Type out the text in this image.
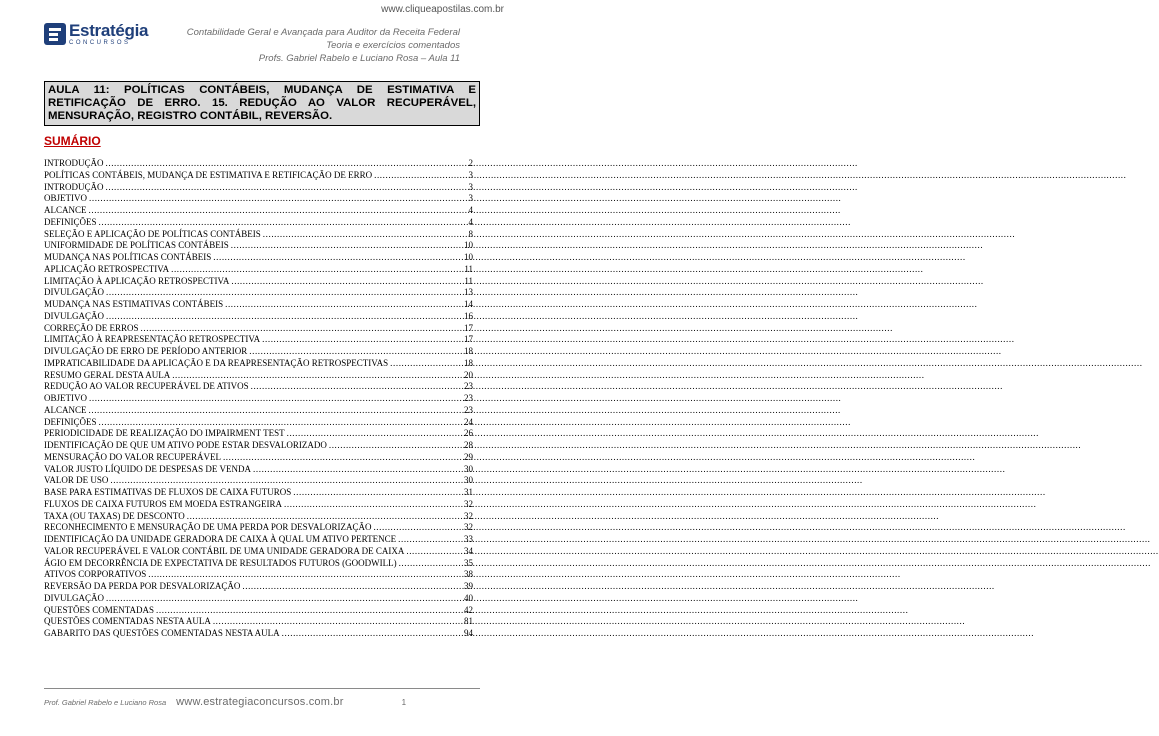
www.cliqueapostilas.com.br
Estratégia
CONCURSOS
Contabilidade Geral e Avançada para Auditor da Receita Federal
Teoria e exercícios comentados
Profs. Gabriel Rabelo e Luciano Rosa – Aula 11
AULA 11: POLÍTICAS CONTÁBEIS, MUDANÇA DE ESTIMATIVA E RETIFICAÇÃO DE ERRO. 15. REDUÇÃO AO VALOR RECUPERÁVEL, MENSURAÇÃO, REGISTRO CONTÁBIL, REVERSÃO.
SUMÁRIO
INTRODUÇÃO .....	2
POLÍTICAS CONTÁBEIS, MUDANÇA DE ESTIMATIVA E RETIFICAÇÃO DE ERRO .....	3
INTRODUÇÃO .....	3
OBJETIVO .....	3
ALCANCE .....	4
DEFINIÇÕES .....	4
SELEÇÃO E APLICAÇÃO DE POLÍTICAS CONTÁBEIS .....	8
UNIFORMIDADE DE POLÍTICAS CONTÁBEIS .....	10
MUDANÇA NAS POLÍTICAS CONTÁBEIS .....	10
APLICAÇÃO RETROSPECTIVA .....	11
LIMITAÇÃO À APLICAÇÃO RETROSPECTIVA .....	11
DIVULGAÇÃO .....	13
MUDANÇA NAS ESTIMATIVAS CONTÁBEIS .....	14
DIVULGAÇÃO .....	16
CORREÇÃO DE ERROS .....	17
LIMITAÇÃO À REAPRESENTAÇÃO RETROSPECTIVA .....	17
DIVULGAÇÃO DE ERRO DE PERÍODO ANTERIOR .....	18
IMPRATICABILIDADE DA APLICAÇÃO E DA REAPRESENTAÇÃO RETROSPECTIVAS .....	18
RESUMO GERAL DESTA AULA .....	20
REDUÇÃO AO VALOR RECUPERÁVEL DE ATIVOS .....	23
OBJETIVO .....	23
ALCANCE .....	23
DEFINIÇÕES .....	24
PERIODICIDADE DE REALIZAÇÃO DO IMPAIRMENT TEST .....	26
IDENTIFICAÇÃO DE QUE UM ATIVO PODE ESTAR DESVALORIZADO .....	28
MENSURAÇÃO DO VALOR RECUPERÁVEL .....	29
VALOR JUSTO LÍQUIDO DE DESPESAS DE VENDA .....	30
VALOR DE USO .....	30
BASE PARA ESTIMATIVAS DE FLUXOS DE CAIXA FUTUROS .....	31
FLUXOS DE CAIXA FUTUROS EM MOEDA ESTRANGEIRA .....	32
TAXA (OU TAXAS) DE DESCONTO .....	32
RECONHECIMENTO E MENSURAÇÃO DE UMA PERDA POR DESVALORIZAÇÃO .....	32
IDENTIFICAÇÃO DA UNIDADE GERADORA DE CAIXA À QUAL UM ATIVO PERTENCE .....	33
VALOR RECUPERÁVEL E VALOR CONTÁBIL DE UMA UNIDADE GERADORA DE CAIXA .....	34
ÁGIO EM DECORRÊNCIA DE EXPECTATIVA DE RESULTADOS FUTUROS (GOODWILL) .....	35
ATIVOS CORPORATIVOS .....	38
REVERSÃO DA PERDA POR DESVALORIZAÇÃO .....	39
DIVULGAÇÃO .....	40
QUESTÕES COMENTADAS .....	42
QUESTÕES COMENTADAS NESTA AULA .....	81
GABARITO DAS QUESTÕES COMENTADAS NESTA AULA .....	94
Prof. Gabriel Rabelo e Luciano Rosa www.estrategiaconcursos.com.br	1
